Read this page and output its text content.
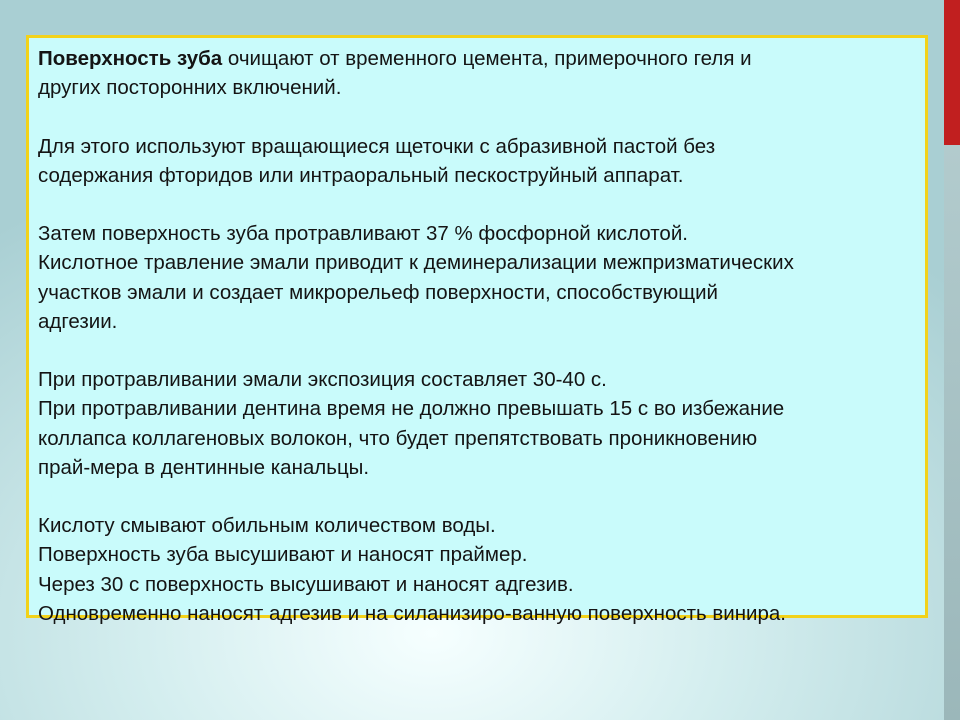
Поверхность зуба очищают от временного цемента, примерочного геля и
других посторонних включений.

Для этого используют вращающиеся щеточки с абразивной пастой без
содержания фторидов или интраоральный пескоструйный аппарат.

Затем поверхность зуба протравливают 37 % фосфорной кислотой.
Кислотное травление эмали приводит к деминерализации межпризматических
участков эмали и создает микрорельеф поверхности, способствующий
адгезии.

При протравливании эмали экспозиция составляет 30-40 с.
При протравливании дентина время не должно превышать 15 с во избежание
коллапса коллагеновых волокон, что будет препятствовать проникновению
прай-мера в дентинные канальцы.

Кислоту смывают обильным количеством воды.
Поверхность зуба высушивают и наносят праймер.
Через 30 с поверхность высушивают и наносят адгезив.
Одновременно наносят адгезив и на силанизиро-ванную поверхность винира.
